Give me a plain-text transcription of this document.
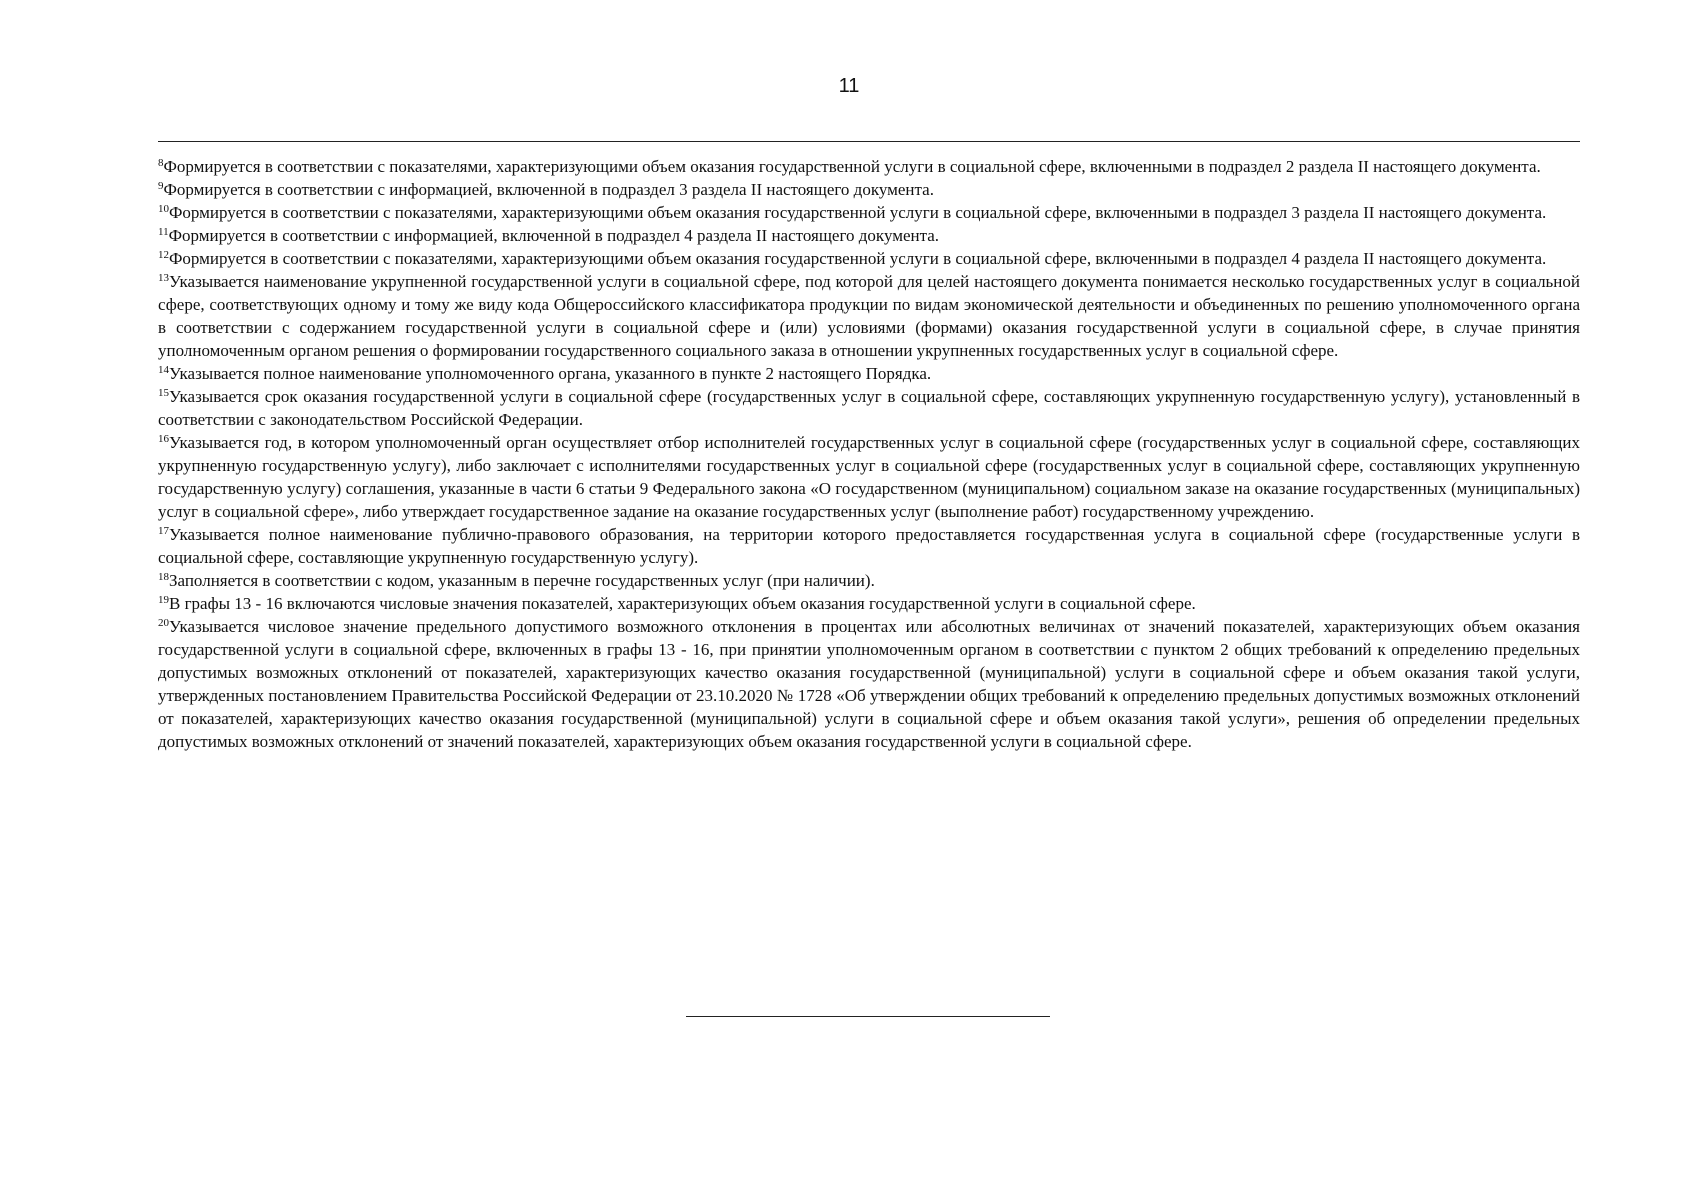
11

$^8$Формируется в соответствии с показателями, характеризующими объем оказания государственной услуги в социальной сфере, включенными в подраздел 2 раздела II настоящего документа.

$^9$Формируется в соответствии с информацией, включенной в подраздел 3 раздела II настоящего документа.

$^{10}$Формируется в соответствии с показателями, характеризующими объем оказания государственной услуги в социальной сфере, включенными в подраздел 3 раздела II настоящего документа.

$^{11}$Формируется в соответствии с информацией, включенной в подраздел 4 раздела II настоящего документа.

$^{12}$Формируется в соответствии с показателями, характеризующими объем оказания государственной услуги в социальной сфере, включенными в подраздел 4 раздела II настоящего документа.

$^{13}$Указывается наименование укрупненной государственной услуги в социальной сфере, под которой для целей настоящего документа понимается несколько государственных услуг в социальной сфере, соответствующих одному и тому же виду кода Общероссийского классификатора продукции по видам экономической деятельности и объединенных по решению уполномоченного органа в соответствии с содержанием государственной услуги в социальной сфере и (или) условиями (формами) оказания государственной услуги в социальной сфере, в случае принятия уполномоченным органом решения о формировании государственного социального заказа в отношении укрупненных государственных услуг в социальной сфере.

$^{14}$Указывается полное наименование уполномоченного органа, указанного в пункте 2 настоящего Порядка.

$^{15}$Указывается срок оказания государственной услуги в социальной сфере (государственных услуг в социальной сфере, составляющих укрупненную государственную услугу), установленный в соответствии с законодательством Российской Федерации.

$^{16}$Указывается год, в котором уполномоченный орган осуществляет отбор исполнителей государственных услуг в социальной сфере (государственных услуг в социальной сфере, составляющих укрупненную государственную услугу), либо заключает с исполнителями государственных услуг в социальной сфере (государственных услуг в социальной сфере, составляющих укрупненную государственную услугу) соглашения, указанные в части 6 статьи 9 Федерального закона «О государственном (муниципальном) социальном заказе на оказание государственных (муниципальных) услуг в социальной сфере», либо утверждает государственное задание на оказание государственных услуг (выполнение работ) государственному учреждению.

$^{17}$Указывается полное наименование публично-правового образования, на территории которого предоставляется государственная услуга в социальной сфере (государственные услуги в социальной сфере, составляющие укрупненную государственную услугу).

$^{18}$Заполняется в соответствии с кодом, указанным в перечне государственных услуг (при наличии).

$^{19}$В графы 13 - 16 включаются числовые значения показателей, характеризующих объем оказания государственной услуги в социальной сфере.

$^{20}$Указывается числовое значение предельного допустимого возможного отклонения в процентах или абсолютных величинах от значений показателей, характеризующих объем оказания государственной услуги в социальной сфере, включенных в графы 13 - 16, при принятии уполномоченным органом в соответствии с пунктом 2 общих требований к определению предельных допустимых возможных отклонений от показателей, характеризующих качество оказания государственной (муниципальной) услуги в социальной сфере и объем оказания такой услуги, утвержденных постановлением Правительства Российской Федерации от 23.10.2020 № 1728 «Об утверждении общих требований к определению предельных допустимых возможных отклонений от показателей, характеризующих качество оказания государственной (муниципальной) услуги в социальной сфере и объем оказания такой услуги», решения об определении предельных допустимых возможных отклонений от значений показателей, характеризующих объем оказания государственной услуги в социальной сфере.
